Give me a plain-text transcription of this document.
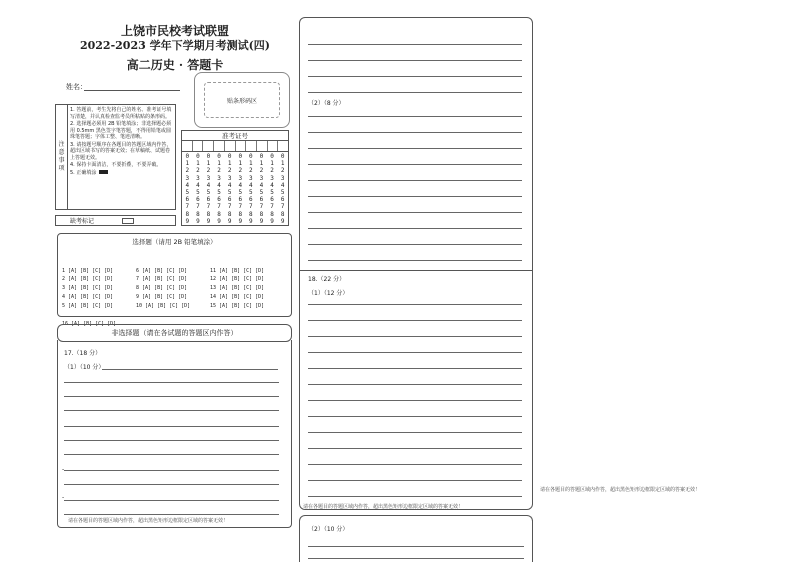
上饶市民校考试联盟
2022-2023 学年下学期月考测试(四)
高二历史 · 答题卡
姓名：
贴条形码区
注
意
事
项
1. 答题前，考生先将自己的姓名、准考证号填写清楚，并认真检查监考员所粘贴的条形码。
2. 选择题必须用 2B 铅笔填涂；非选择题必须用 0.5mm 黑色签字笔答题，不得用铅笔或圆珠笔答题；字体工整、笔迹清晰。
3. 请按题号顺序在各题目的答题区域内作答，超出区域书写的答案无效；在草稿纸、试题卷上答题无效。
4. 保持卡面清洁，不要折叠，不要弄破。
5. 正确填涂
缺考标记
准考证号
0
1
2
3
4
5
6
7
8
9
0
1
2
3
4
5
6
7
8
9
0
1
2
3
4
5
6
7
8
9
0
1
2
3
4
5
6
7
8
9
0
1
2
3
4
5
6
7
8
9
0
1
2
3
4
5
6
7
8
9
0
1
2
3
4
5
6
7
8
9
0
1
2
3
4
5
6
7
8
9
0
1
2
3
4
5
6
7
8
9
0
1
2
3
4
5
6
7
8
9
选择题（请用 2B 铅笔填涂）

1 [A] [B] [C] [D]
2 [A] [B] [C] [D]
3 [A] [B] [C] [D]
4 [A] [B] [C] [D]
5 [A] [B] [C] [D]

6 [A] [B] [C] [D]
7 [A] [B] [C] [D]
8 [A] [B] [C] [D]
9 [A] [B] [C] [D]
10 [A] [B] [C] [D]

11 [A] [B] [C] [D]
12 [A] [B] [C] [D]
13 [A] [B] [C] [D]
14 [A] [B] [C] [D]
15 [A] [B] [C] [D]

16 [A] [B] [C] [D]

非选择题（请在各试题的答题区内作答）
17.（18 分）
（1）（10 分）
-
-
请在各题目的答题区域内作答，超出黑色矩形边框限定区域的答案无效！
（2）（8 分）
18.（22 分）
（1）（12 分）
请在各题目的答题区域内作答，超出黑色矩形边框限定区域的答案无效！
（2）（10 分）
请在各题目的答题区域内作答，超出黑色矩形边框限定区域的答案无效！
